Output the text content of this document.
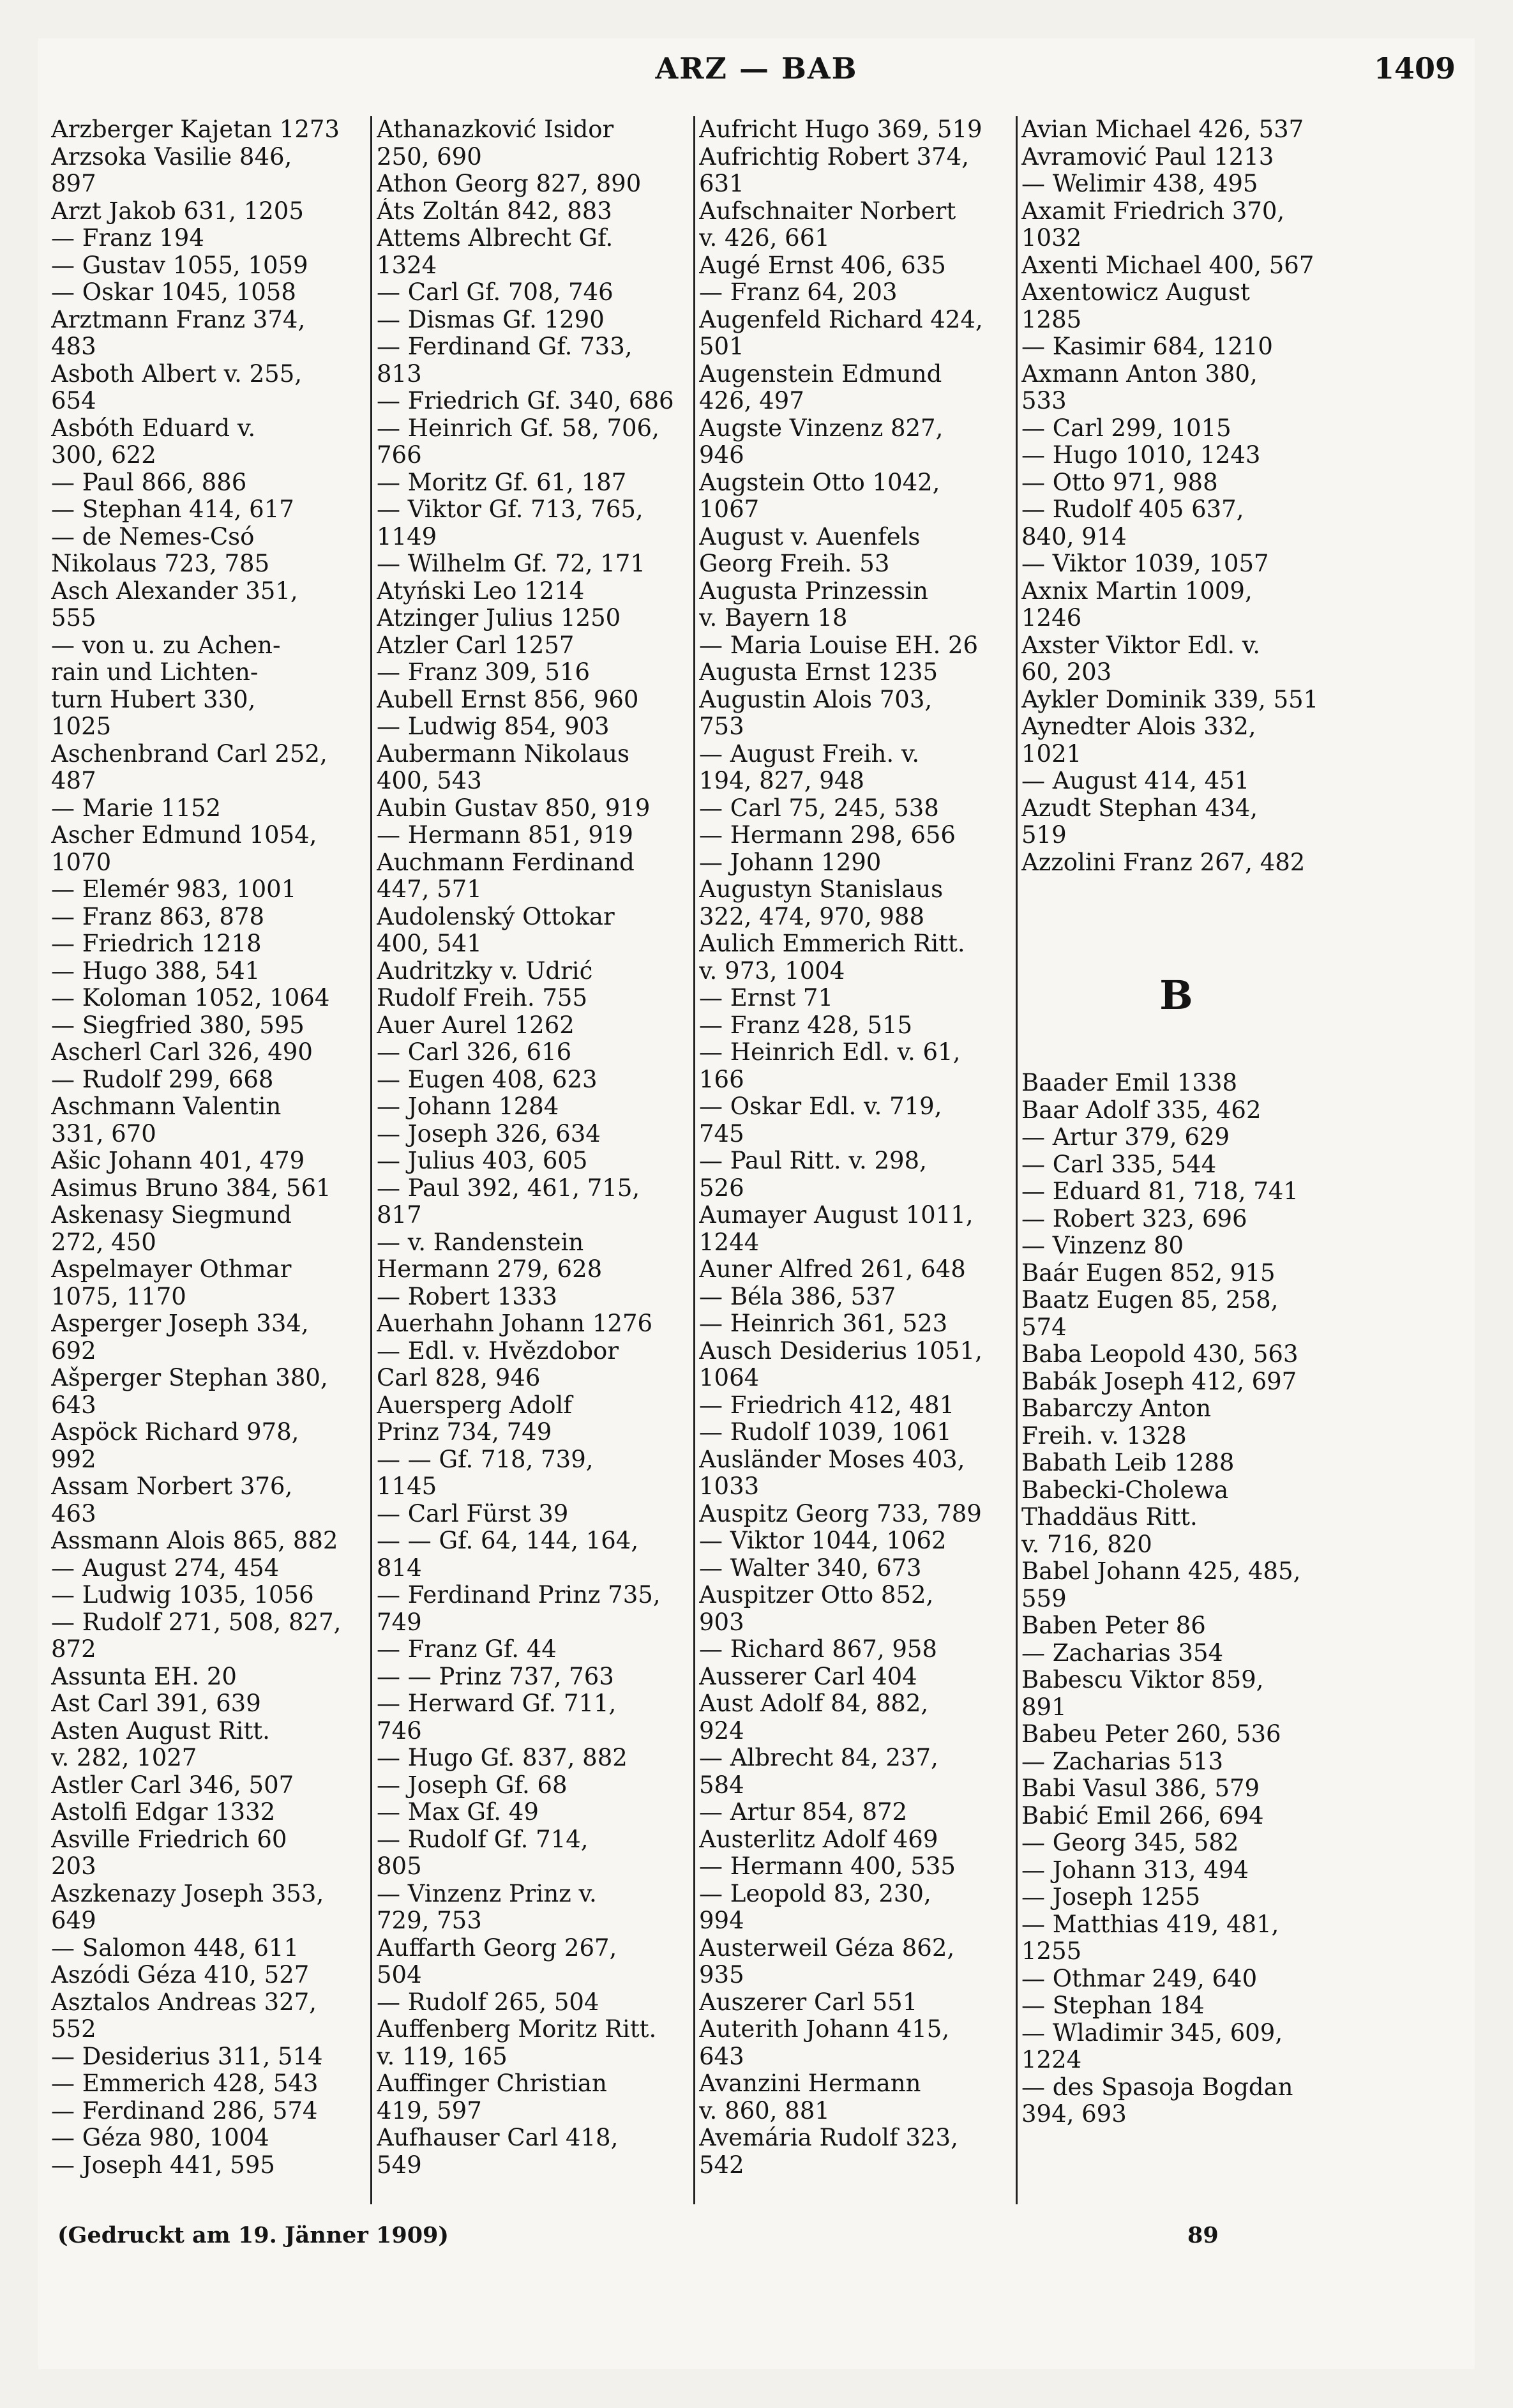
ARZ — BAB	1409
Arzberger Kajetan 1273
Arzsoka Vasilie 846,
897
Arzt Jakob 631, 1205
— Franz 194
— Gustav 1055, 1059
— Oskar 1045, 1058
Arztmann Franz 374,
483
Asboth Albert v. 255,
654
Asbóth Eduard v.
300, 622
— Paul 866, 886
— Stephan 414, 617
— de Nemes-Csó
Nikolaus 723, 785
Asch Alexander 351,
555
— von u. zu Achen-
rain und Lichten-
turn Hubert 330,
1025
Aschenbrand Carl 252,
487
— Marie 1152
Ascher Edmund 1054,
1070
— Elemér 983, 1001
— Franz 863, 878
— Friedrich 1218
— Hugo 388, 541
— Koloman 1052, 1064
— Siegfried 380, 595
Ascherl Carl 326, 490
— Rudolf 299, 668
Aschmann Valentin
331, 670
Ašic Johann 401, 479
Asimus Bruno 384, 561
Askenasy Siegmund
272, 450
Aspelmayer Othmar
1075, 1170
Asperger Joseph 334,
692
Ašperger Stephan 380,
643
Aspöck Richard 978,
992
Assam Norbert 376,
463
Assmann Alois 865, 882
— August 274, 454
— Ludwig 1035, 1056
— Rudolf 271, 508, 827,
872
Assunta EH. 20
Ast Carl 391, 639
Asten August Ritt.
v. 282, 1027
Astler Carl 346, 507
Astolfi Edgar 1332
Asville Friedrich 60
203
Aszkenazy Joseph 353,
649
— Salomon 448, 611
Aszódi Géza 410, 527
Asztalos Andreas 327,
552
— Desiderius 311, 514
— Emmerich 428, 543
— Ferdinand 286, 574
— Géza 980, 1004
— Joseph 441, 595
Athanazković Isidor
250, 690
Athon Georg 827, 890
Áts Zoltán 842, 883
Attems Albrecht Gf.
1324
— Carl Gf. 708, 746
— Dismas Gf. 1290
— Ferdinand Gf. 733,
813
— Friedrich Gf. 340, 686
— Heinrich Gf. 58, 706,
766
— Moritz Gf. 61, 187
— Viktor Gf. 713, 765,
1149
— Wilhelm Gf. 72, 171
Atyński Leo 1214
Atzinger Julius 1250
Atzler Carl 1257
— Franz 309, 516
Aubell Ernst 856, 960
— Ludwig 854, 903
Aubermann Nikolaus
400, 543
Aubin Gustav 850, 919
— Hermann 851, 919
Auchmann Ferdinand
447, 571
Audolenský Ottokar
400, 541
Audritzky v. Udrić
Rudolf Freih. 755
Auer Aurel 1262
— Carl 326, 616
— Eugen 408, 623
— Johann 1284
— Joseph 326, 634
— Julius 403, 605
— Paul 392, 461, 715,
817
— v. Randenstein
Hermann 279, 628
— Robert 1333
Auerhahn Johann 1276
— Edl. v. Hvězdobor
Carl 828, 946
Auersperg Adolf
Prinz 734, 749
— — Gf. 718, 739,
1145
— Carl Fürst 39
— — Gf. 64, 144, 164,
814
— Ferdinand Prinz 735,
749
— Franz Gf. 44
— — Prinz 737, 763
— Herward Gf. 711,
746
— Hugo Gf. 837, 882
— Joseph Gf. 68
— Max Gf. 49
— Rudolf Gf. 714,
805
— Vinzenz Prinz v.
729, 753
Auffarth Georg 267,
504
— Rudolf 265, 504
Auffenberg Moritz Ritt.
v. 119, 165
Auffinger Christian
419, 597
Aufhauser Carl 418,
549
Aufricht Hugo 369, 519
Aufrichtig Robert 374,
631
Aufschnaiter Norbert
v. 426, 661
Augé Ernst 406, 635
— Franz 64, 203
Augenfeld Richard 424,
501
Augenstein Edmund
426, 497
Augste Vinzenz 827,
946
Augstein Otto 1042,
1067
August v. Auenfels
Georg Freih. 53
Augusta Prinzessin
v. Bayern 18
— Maria Louise EH. 26
Augusta Ernst 1235
Augustin Alois 703,
753
— August Freih. v.
194, 827, 948
— Carl 75, 245, 538
— Hermann 298, 656
— Johann 1290
Augustyn Stanislaus
322, 474, 970, 988
Aulich Emmerich Ritt.
v. 973, 1004
— Ernst 71
— Franz 428, 515
— Heinrich Edl. v. 61,
166
— Oskar Edl. v. 719,
745
— Paul Ritt. v. 298,
526
Aumayer August 1011,
1244
Auner Alfred 261, 648
— Béla 386, 537
— Heinrich 361, 523
Ausch Desiderius 1051,
1064
— Friedrich 412, 481
— Rudolf 1039, 1061
Ausländer Moses 403,
1033
Auspitz Georg 733, 789
— Viktor 1044, 1062
— Walter 340, 673
Auspitzer Otto 852,
903
— Richard 867, 958
Ausserer Carl 404
Aust Adolf 84, 882,
924
— Albrecht 84, 237,
584
— Artur 854, 872
Austerlitz Adolf 469
— Hermann 400, 535
— Leopold 83, 230,
994
Austerweil Géza 862,
935
Auszerer Carl 551
Auterith Johann 415,
643
Avanzini Hermann
v. 860, 881
Avemária Rudolf 323,
542
Avian Michael 426, 537
Avramović Paul 1213
— Welimir 438, 495
Axamit Friedrich 370,
1032
Axenti Michael 400, 567
Axentowicz August
1285
— Kasimir 684, 1210
Axmann Anton 380,
533
— Carl 299, 1015
— Hugo 1010, 1243
— Otto 971, 988
— Rudolf 405 637,
840, 914
— Viktor 1039, 1057
Axnix Martin 1009,
1246
Axster Viktor Edl. v.
60, 203
Aykler Dominik 339, 551
Aynedter Alois 332,
1021
— August 414, 451
Azudt Stephan 434,
519
Azzolini Franz 267, 482
B
Baader Emil 1338
Baar Adolf 335, 462
— Artur 379, 629
— Carl 335, 544
— Eduard 81, 718, 741
— Robert 323, 696
— Vinzenz 80
Baár Eugen 852, 915
Baatz Eugen 85, 258,
574
Baba Leopold 430, 563
Babák Joseph 412, 697
Babarczy Anton
Freih. v. 1328
Babath Leib 1288
Babecki-Cholewa
Thaddäus Ritt.
v. 716, 820
Babel Johann 425, 485,
559
Baben Peter 86
— Zacharias 354
Babescu Viktor 859,
891
Babeu Peter 260, 536
— Zacharias 513
Babi Vasul 386, 579
Babić Emil 266, 694
— Georg 345, 582
— Johann 313, 494
— Joseph 1255
— Matthias 419, 481,
1255
— Othmar 249, 640
— Stephan 184
— Wladimir 345, 609,
1224
— des Spasoja Bogdan
394, 693
(Gedruckt am 19. Jänner 1909)	89
